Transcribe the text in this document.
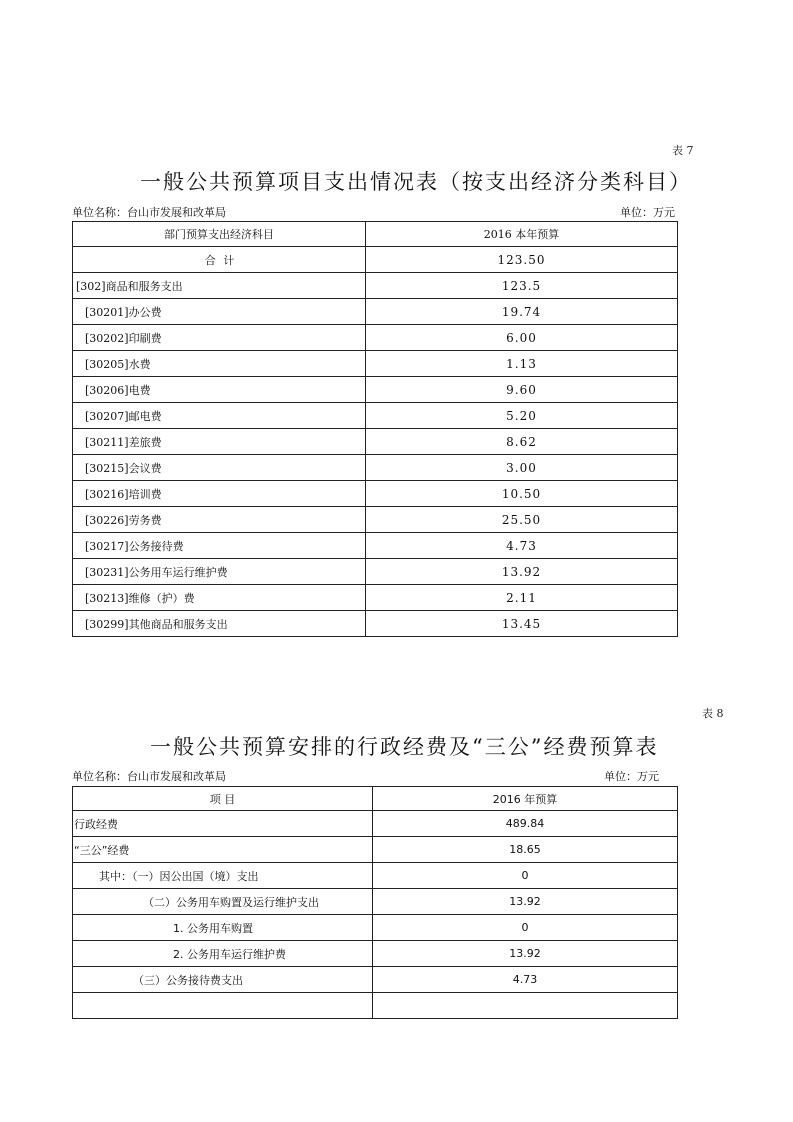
表 7
一般公共预算项目支出情况表（按支出经济分类科目）
单位名称：台山市发展和改革局	单位：万元
部门预算支出经济科目	2016 本年预算
合 计	123.50
[302]商品和服务支出	123.5
[30201]办公费	19.74
[30202]印刷费	6.00
[30205]水费	1.13
[30206]电费	9.60
[30207]邮电费	5.20
[30211]差旅费	8.62
[30215]会议费	3.00
[30216]培训费	10.50
[30226]劳务费	25.50
[30217]公务接待费	4.73
[30231]公务用车运行维护费	13.92
[30213]维修（护）费	2.11
[30299]其他商品和服务支出	13.45
表 8
一般公共预算安排的行政经费及“三公”经费预算表
单位名称：台山市发展和改革局	单位：万元
项 目	2016 年预算
行政经费	489.84
“三公”经费	18.65
其中：（一）因公出国（境）支出	0
（二）公务用车购置及运行维护支出	13.92
1. 公务用车购置	0
2. 公务用车运行维护费	13.92
（三）公务接待费支出	4.73
